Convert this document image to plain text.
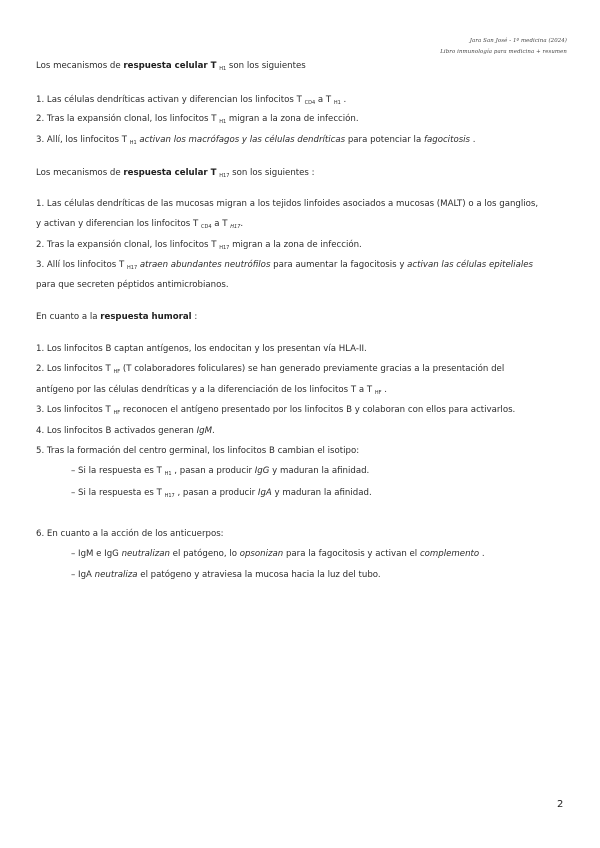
Jara San José - 1º medicina (2024)
Libro inmunología para medicina + resumen
Los mecanismos de respuesta celular T $_{H1}$ son los siguientes
1. Las células dendríticas activan y diferencian los linfocitos T $_{CD4}$ a T $_{H1}$ .
2. Tras la expansión clonal, los linfocitos T $_{H1}$ migran a la zona de infección.
3. Allí, los linfocitos T $_{H1}$ activan los macrófagos y las células dendríticas para potenciar la fagocitosis .
Los mecanismos de respuesta celular T $_{H17}$ son los siguientes :
1. Las células dendríticas de las mucosas migran a los tejidos linfoides asociados a mucosas (MALT) o a los ganglios,
y activan y diferencian los linfocitos T $_{CD4}$ a T $_{H17}$.
2. Tras la expansión clonal, los linfocitos T $_{H17}$ migran a la zona de infección.
3. Allí los linfocitos T $_{H17}$ atraen abundantes neutrófilos para aumentar la fagocitosis y activan las células epiteliales
para que secreten péptidos antimicrobianos.
En cuanto a la respuesta humoral :
1. Los linfocitos B captan antígenos, los endocitan y los presentan vía HLA-II.
2. Los linfocitos T $_{HF}$ (T colaboradores foliculares) se han generado previamente gracias a la presentación del
antígeno por las células dendríticas y a la diferenciación de los linfocitos T a T $_{HF}$ .
3. Los linfocitos T $_{HF}$ reconocen el antígeno presentado por los linfocitos B y colaboran con ellos para activarlos.
4. Los linfocitos B activados generan IgM.
5. Tras la formación del centro germinal, los linfocitos B cambian el isotipo:
– Si la respuesta es T $_{H1}$ , pasan a producir IgG y maduran la afinidad.
– Si la respuesta es T $_{H17}$ , pasan a producir IgA y maduran la afinidad.
6. En cuanto a la acción de los anticuerpos:
– IgM e IgG neutralizan el patógeno, lo opsonizan para la fagocitosis y activan el complemento .
– IgA neutraliza el patógeno y atraviesa la mucosa hacia la luz del tubo.
2
